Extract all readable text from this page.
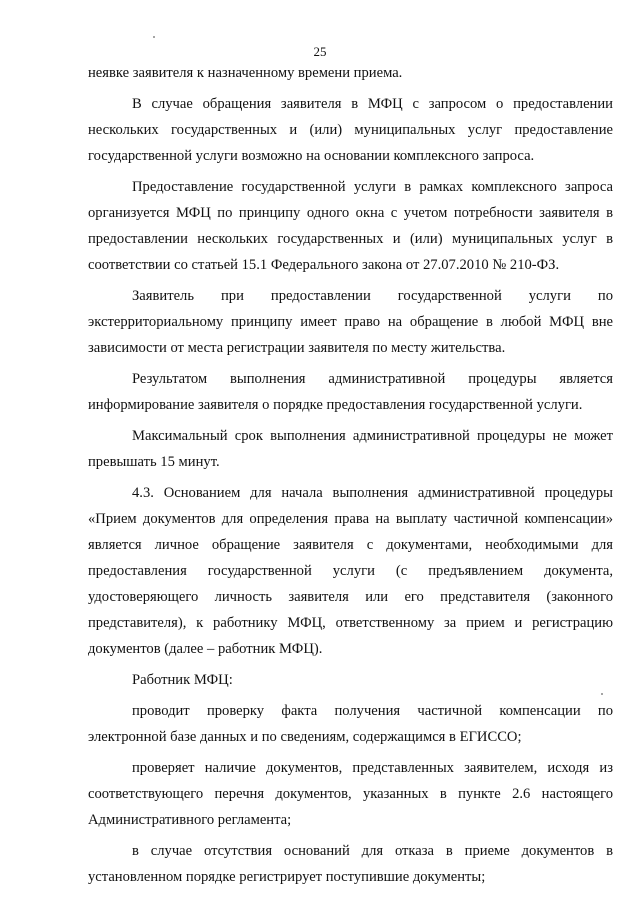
25

неявке заявителя к назначенному времени приема.

В случае обращения заявителя в МФЦ с запросом о предоставлении нескольких государственных и (или) муниципальных услуг предоставление государственной услуги возможно на основании комплексного запроса.

Предоставление государственной услуги в рамках комплексного запроса организуется МФЦ по принципу одного окна с учетом потребности заявителя в предоставлении нескольких государственных и (или) муниципальных услуг в соответствии со статьей 15.1 Федерального закона от 27.07.2010 № 210-ФЗ.

Заявитель при предоставлении государственной услуги по экстерриториальному принципу имеет право на обращение в любой МФЦ вне зависимости от места регистрации заявителя по месту жительства.

Результатом выполнения административной процедуры является информирование заявителя о порядке предоставления государственной услуги.

Максимальный срок выполнения административной процедуры не может превышать 15 минут.

4.3. Основанием для начала выполнения административной процедуры «Прием документов для определения права на выплату частичной компенсации» является личное обращение заявителя с документами, необходимыми для предоставления государственной услуги (с предъявлением документа, удостоверяющего личность заявителя или его представителя (законного представителя), к работнику МФЦ, ответственному за прием и регистрацию документов (далее – работник МФЦ).

Работник МФЦ:

проводит проверку факта получения частичной компенсации по электронной базе данных и по сведениям, содержащимся в ЕГИССО;

проверяет наличие документов, представленных заявителем, исходя из соответствующего перечня документов, указанных в пункте 2.6 настоящего Административного регламента;

в случае отсутствия оснований для отказа в приеме документов в установленном порядке регистрирует поступившие документы;
